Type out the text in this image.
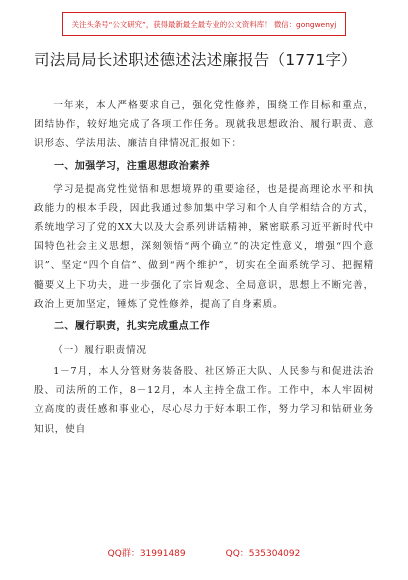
关注头条号“公文研究”，获得最新最全最专业的公文资料库！ 微信：gongwenyj
司法局局长述职述德述法述廉报告（1771字）

一年来，本人严格要求自己，强化党性修养，围绕工作目标和重点，团结协作，较好地完成了各项工作任务。现就我思想政治、履行职责、意识形态、学法用法、廉洁自律情况汇报如下：

一、加强学习，注重思想政治素养

学习是提高党性觉悟和思想境界的重要途径，也是提高理论水平和执政能力的根本手段，因此我通过参加集中学习和个人自学相结合的方式，系统地学习了党的XX大以及大会系列讲话精神，紧密联系习近平新时代中国特色社会主义思想，深刻领悟“两个确立”的决定性意义，增强“四个意识”、坚定“四个自信”、做到“两个维护”，切实在全面系统学习、把握精髓要义上下功夫，进一步强化了宗旨观念、全局意识，思想上不断完善，政治上更加坚定，锤炼了党性修养，提高了自身素质。

二、履行职责，扎实完成重点工作

（一）履行职责情况

1－7月，本人分管财务装备股、社区矫正大队、人民参与和促进法治股、司法所的工作，8－12月，本人主持全盘工作。工作中，本人牢固树立高度的责任感和事业心，尽心尽力于好本职工作，努力学习和钻研业务知识，使自

QQ群：31991489	QQ：535304092
